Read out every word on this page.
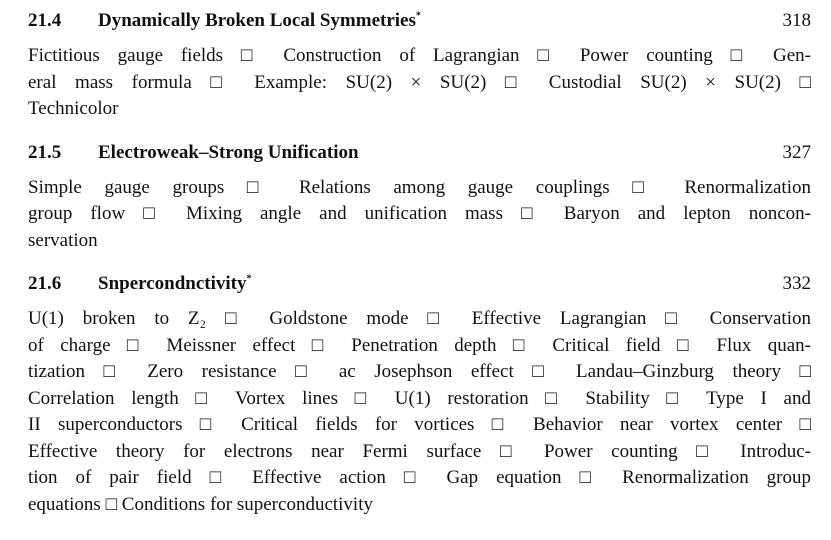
21.4	Dynamically Broken Local Symmetries*	318
Fictitious gauge fields □ Construction of Lagrangian □ Power counting □ Gen-
eral mass formula □ Example: SU(2) × SU(2) □ Custodial SU(2) × SU(2) □
Technicolor
21.5	Electroweak–Strong Unification	327
Simple gauge groups □ Relations among gauge couplings □ Renormalization
group flow □ Mixing angle and unification mass □ Baryon and lepton noncon-
servation
21.6	Snpercondnctivity*	332
U(1) broken to Z₂ □ Goldstone mode □ Effective Lagrangian □ Conservation
of charge □ Meissner effect □ Penetration depth □ Critical field □ Flux quan-
tization □ Zero resistance □ ac Josephson effect □ Landau–Ginzburg theory □
Correlation length □ Vortex lines □ U(1) restoration □ Stability □ Type I and
II superconductors □ Critical fields for vortices □ Behavior near vortex center □
Effective theory for electrons near Fermi surface □ Power counting □ Introduc-
tion of pair field □ Effective action □ Gap equation □ Renormalization group
equations □ Conditions for superconductivity
